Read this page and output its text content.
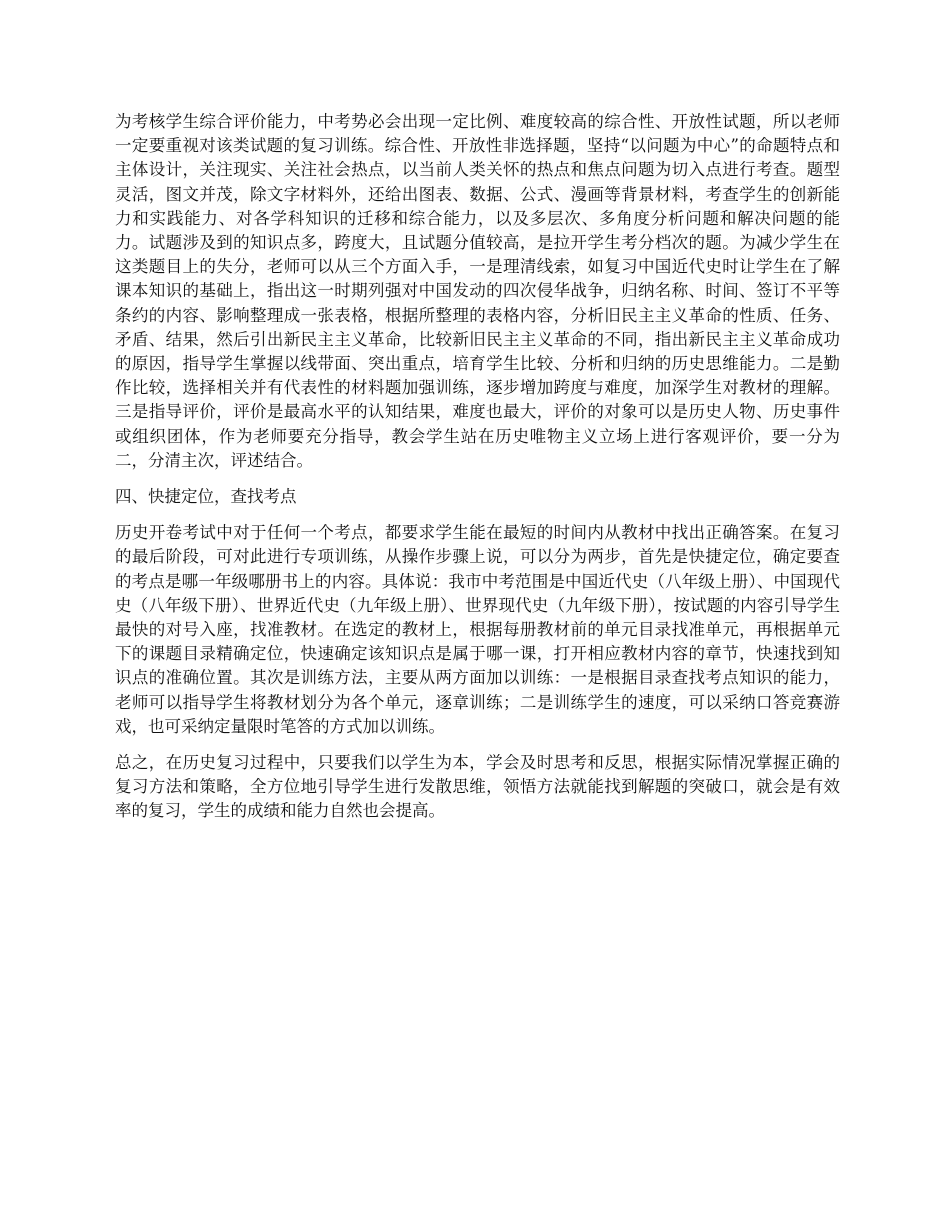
为考核学生综合评价能力，中考势必会出现一定比例、难度较高的综合性、开放性试题，所以老师一定要重视对该类试题的复习训练。综合性、开放性非选择题，坚持“以问题为中心”的命题特点和主体设计，关注现实、关注社会热点，以当前人类关怀的热点和焦点问题为切入点进行考查。题型灵活，图文并茂，除文字材料外，还给出图表、数据、公式、漫画等背景材料，考查学生的创新能力和实践能力、对各学科知识的迁移和综合能力，以及多层次、多角度分析问题和解决问题的能力。试题涉及到的知识点多，跨度大，且试题分值较高，是拉开学生考分档次的题。为减少学生在这类题目上的失分，老师可以从三个方面入手，一是理清线索，如复习中国近代史时让学生在了解课本知识的基础上，指出这一时期列强对中国发动的四次侵华战争，归纳名称、时间、签订不平等条约的内容、影响整理成一张表格，根据所整理的表格内容，分析旧民主主义革命的性质、任务、矛盾、结果，然后引出新民主主义革命，比较新旧民主主义革命的不同，指出新民主主义革命成功的原因，指导学生掌握以线带面、突出重点，培育学生比较、分析和归纳的历史思维能力。二是勤作比较，选择相关并有代表性的材料题加强训练，逐步增加跨度与难度，加深学生对教材的理解。三是指导评价，评价是最高水平的认知结果，难度也最大，评价的对象可以是历史人物、历史事件或组织团体，作为老师要充分指导，教会学生站在历史唯物主义立场上进行客观评价，要一分为二，分清主次，评述结合。

四、快捷定位，查找考点

历史开卷考试中对于任何一个考点，都要求学生能在最短的时间内从教材中找出正确答案。在复习的最后阶段，可对此进行专项训练，从操作步骤上说，可以分为两步，首先是快捷定位，确定要查的考点是哪一年级哪册书上的内容。具体说：我市中考范围是中国近代史（八年级上册）、中国现代史（八年级下册）、世界近代史（九年级上册）、世界现代史（九年级下册），按试题的内容引导学生最快的对号入座，找准教材。在选定的教材上，根据每册教材前的单元目录找准单元，再根据单元下的课题目录精确定位，快速确定该知识点是属于哪一课，打开相应教材内容的章节，快速找到知识点的准确位置。其次是训练方法，主要从两方面加以训练：一是根据目录查找考点知识的能力，老师可以指导学生将教材划分为各个单元，逐章训练；二是训练学生的速度，可以采纳口答竞赛游戏，也可采纳定量限时笔答的方式加以训练。

总之，在历史复习过程中，只要我们以学生为本，学会及时思考和反思，根据实际情况掌握正确的复习方法和策略，全方位地引导学生进行发散思维，领悟方法就能找到解题的突破口，就会是有效率的复习，学生的成绩和能力自然也会提高。
